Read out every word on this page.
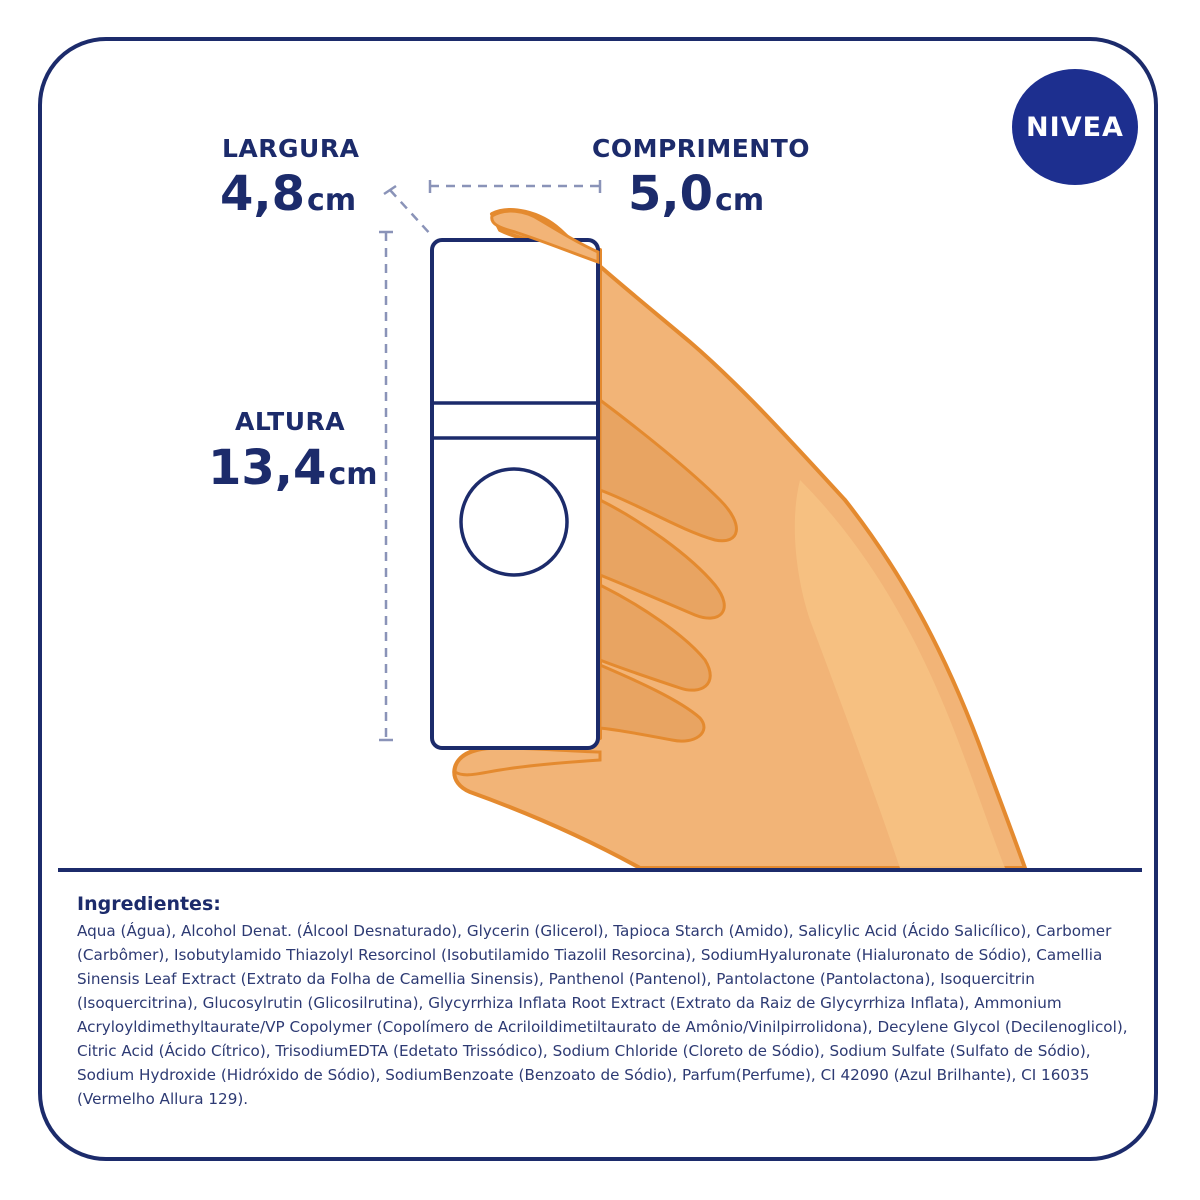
NIVEA
LARGURA
4,8cm
COMPRIMENTO
5,0cm
ALTURA
13,4cm
Ingredientes:

Aqua (Água), Alcohol Denat. (Álcool Desnaturado), Glycerin (Glicerol), Tapioca Starch (Amido), Salicylic Acid (Ácido Salicílico), Carbomer (Carbômer), Isobutylamido Thiazolyl Resorcinol (Isobutilamido Tiazolil Resorcina), SodiumHyaluronate (Hialuronato de Sódio), Camellia Sinensis Leaf Extract (Extrato da Folha de Camellia Sinensis), Panthenol (Pantenol), Pantolactone (Pantolactona), Isoquercitrin (Isoquercitrina), Glucosylrutin (Glicosilrutina), Glycyrrhiza Inflata Root Extract (Extrato da Raiz de Glycyrrhiza Inflata), Ammonium Acryloyldimethyltaurate/VP Copolymer (Copolímero de Acriloildimetiltaurato de Amônio/Vinilpirrolidona), Decylene Glycol (Decilenoglicol), Citric Acid (Ácido Cítrico), TrisodiumEDTA (Edetato Trissódico), Sodium Chloride (Cloreto de Sódio), Sodium Sulfate (Sulfato de Sódio), Sodium Hydroxide (Hidróxido de Sódio), SodiumBenzoate (Benzoato de Sódio), Parfum(Perfume), CI 42090 (Azul Brilhante), CI 16035 (Vermelho Allura 129).
